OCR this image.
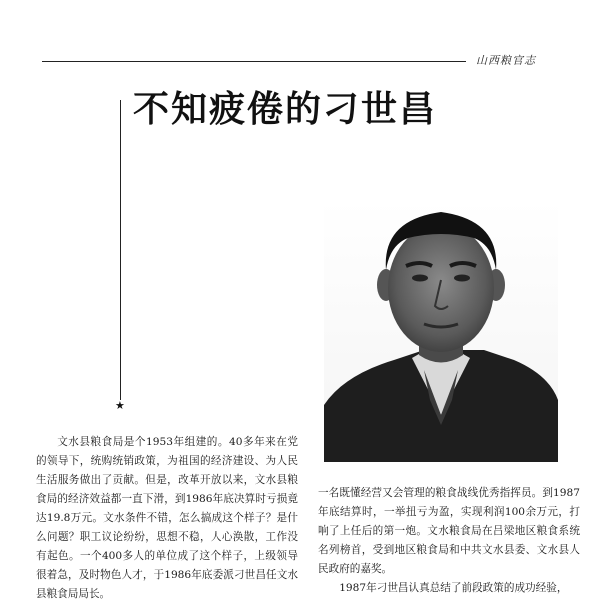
山西粮官志
★
不知疲倦的刁世昌

文水县粮食局是个1953年组建的。40多年来在党的领导下，统购统销政策，为祖国的经济建设、为人民生活服务做出了贡献。但是，改革开放以来，文水县粮食局的经济效益都一直下滑，到1986年底决算时亏损竟达19.8万元。文水条件不错，怎么搞成这个样子？是什么问题？职工议论纷纷，思想不稳，人心涣散，工作没有起色。一个400多人的单位成了这个样子，上级领导很着急，及时物色人才，于1986年底委派刁世昌任文水县粮食局局长。

一名既懂经营又会管理的粮食战线优秀指挥员。到1987年底结算时，一举扭亏为盈，实现利润100余万元，打响了上任后的第一炮。文水粮食局在吕梁地区粮食系统名列榜首，受到地区粮食局和中共文水县委、文水县人民政府的嘉奖。

1987年刁世昌认真总结了前段政策的成功经验，
